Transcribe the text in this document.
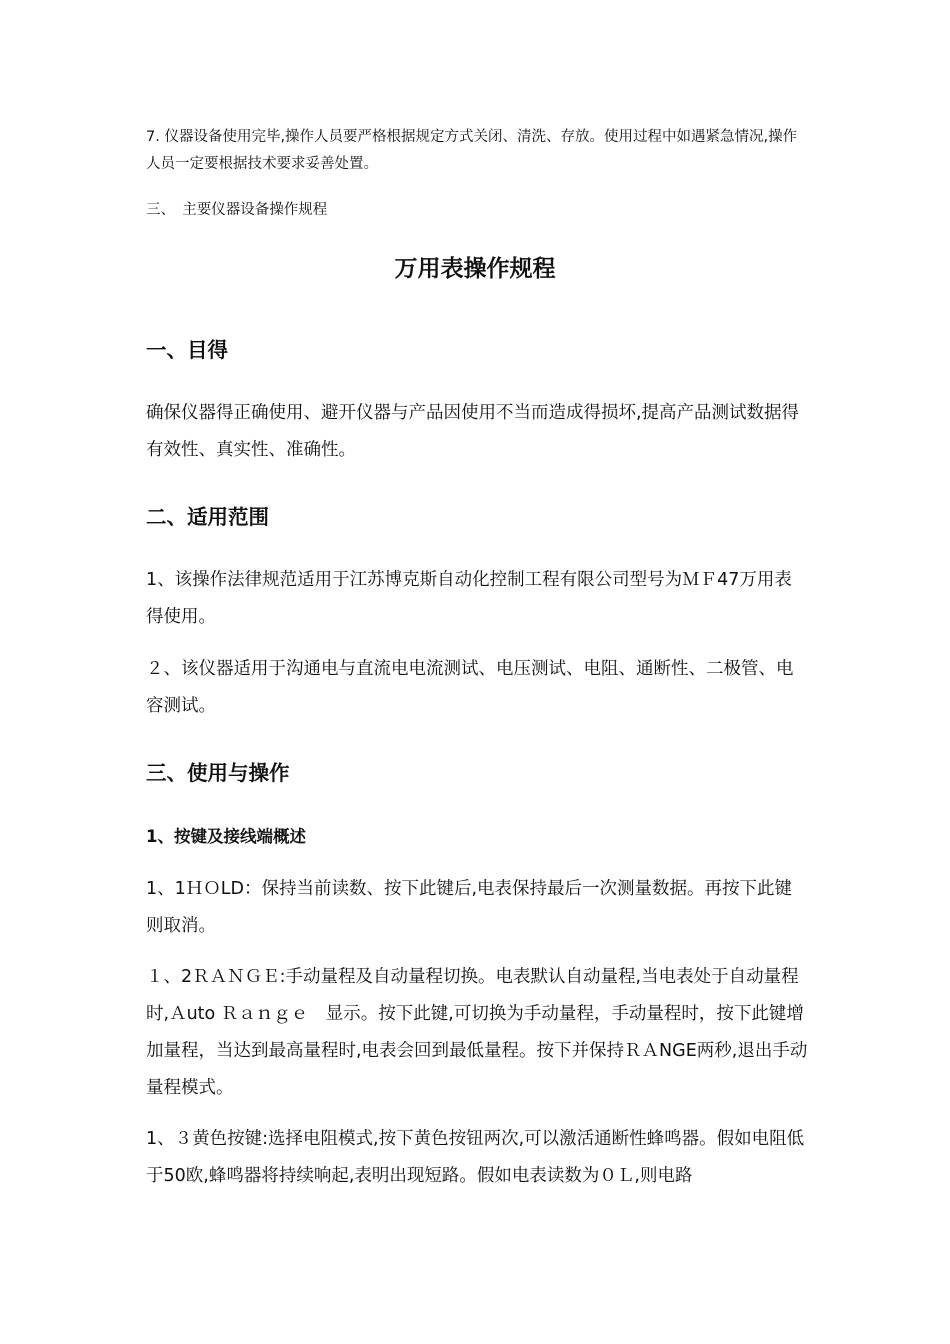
7. 仪器设备使用完毕,操作人员要严格根据规定方式关闭、清洗、存放。使用过程中如遇紧急情况,操作人员一定要根据技术要求妥善处置。

三、　主要仪器设备操作规程

万用表操作规程
一、目得

确保仪器得正确使用、避开仪器与产品因使用不当而造成得损坏,提高产品测试数据得有效性、真实性、准确性。

二、适用范围

1、该操作法律规范适用于江苏博克斯自动化控制工程有限公司型号为ＭＦ47万用表得使用。

２、该仪器适用于沟通电与直流电电流测试、电压测试、电阻、通断性、二极管、电容测试。

三、使用与操作
1、按键及接线端概述

1、1ＨＯLD：保持当前读数、按下此键后,电表保持最后一次测量数据。再按下此键则取消。

１、2ＲＡＮＧＥ:手动量程及自动量程切换。电表默认自动量程,当电表处于自动量程时,Ａuto Ｒａｎｇｅ　显示。按下此键,可切换为手动量程，手动量程时，按下此键增加量程，当达到最高量程时,电表会回到最低量程。按下并保持ＲＡNGE两秒,退出手动量程模式。

1、３黄色按键:选择电阻模式,按下黄色按钮两次,可以激活通断性蜂鸣器。假如电阻低于50欧,蜂鸣器将持续响起,表明出现短路。假如电表读数为０Ｌ,则电路
